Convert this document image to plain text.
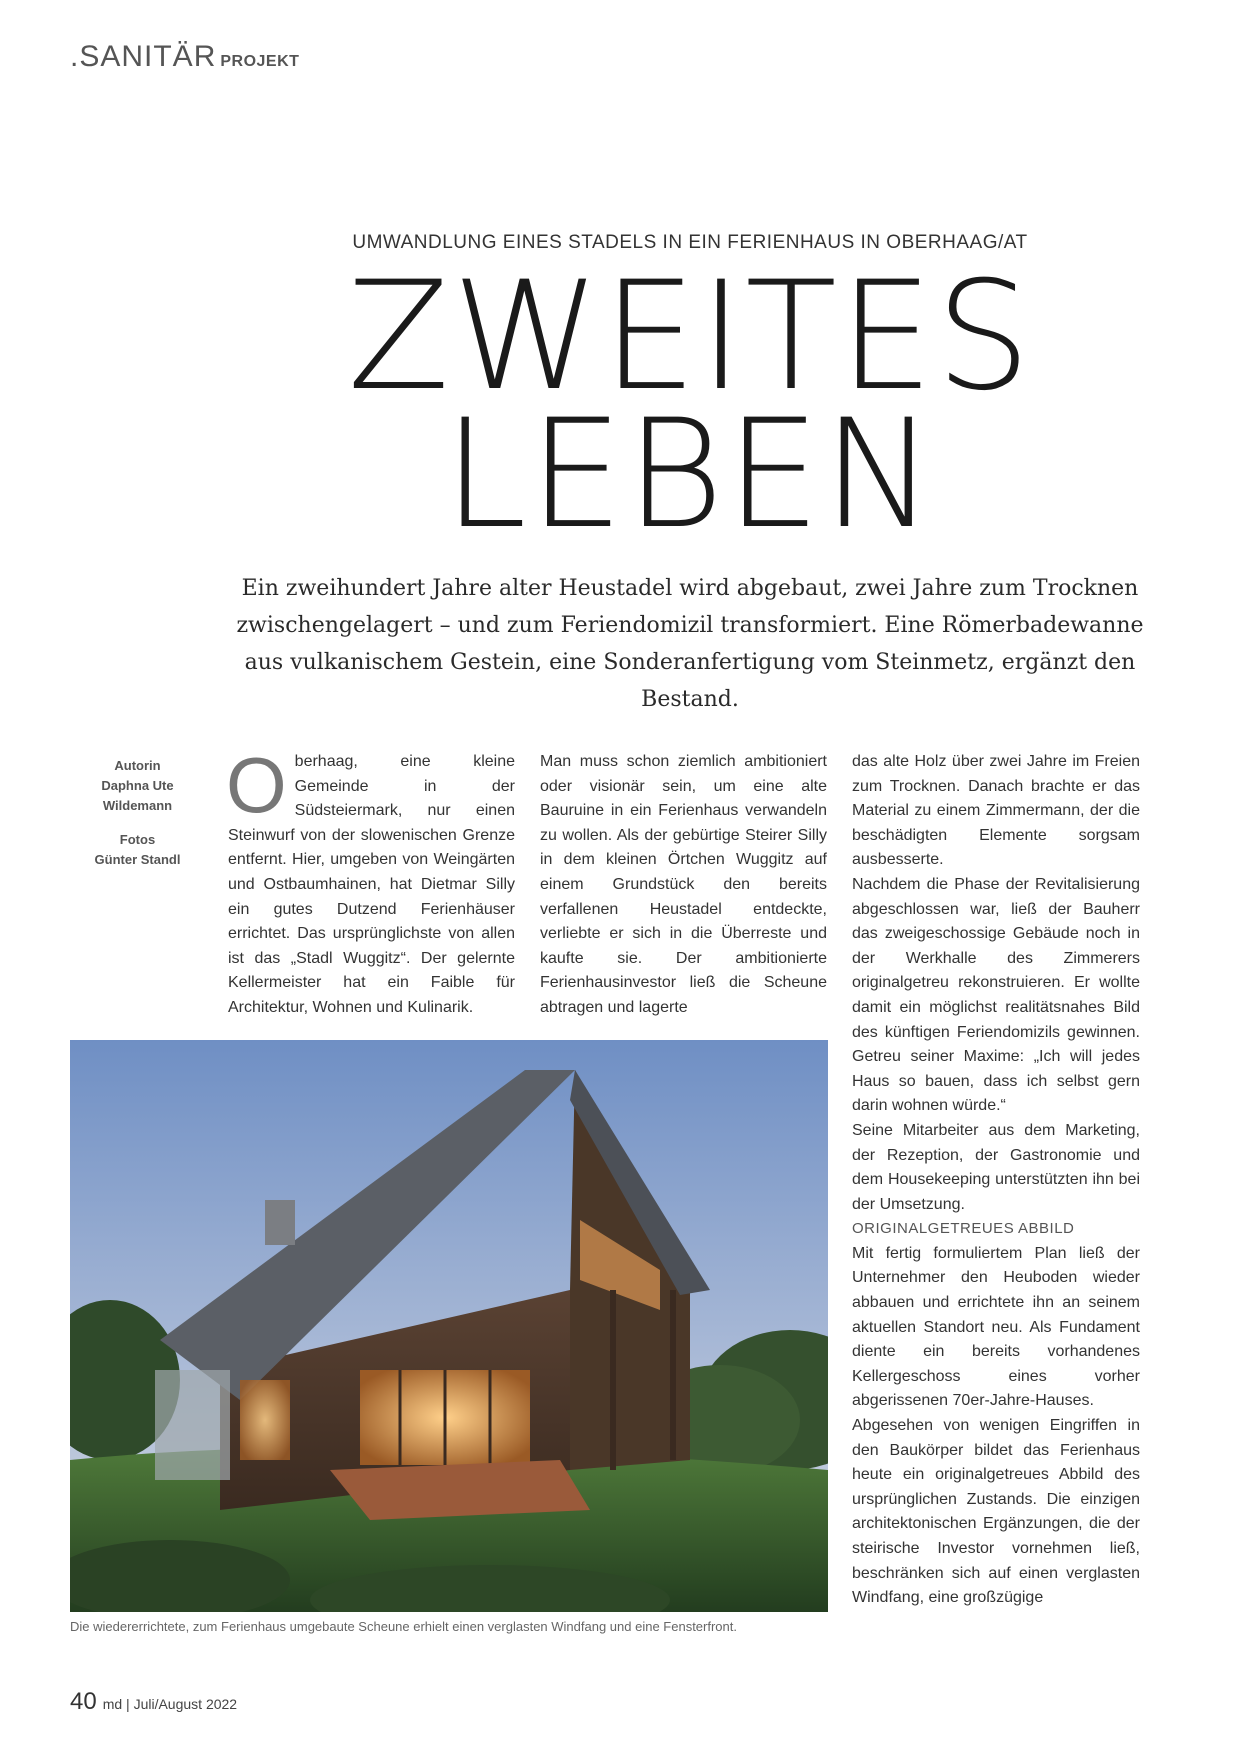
.SANITÄR PROJEKT
UMWANDLUNG EINES STADELS IN EIN FERIENHAUS IN OBERHAAG/AT
ZWEITES
LEBEN
Ein zweihundert Jahre alter Heustadel wird abgebaut, zwei Jahre zum Trocknen zwischengelagert – und zum Feriendomizil transformiert. Eine Römerbadewanne aus vulkanischem Gestein, eine Sonderanfertigung vom Steinmetz, ergänzt den Bestand.
Autorin
Daphna Ute Wildemann
Fotos
Günter Standl
O berhaag, eine kleine Gemeinde in der Südsteiermark, nur einen Steinwurf von der slowenischen Grenze entfernt. Hier, umgeben von Weingärten und Ostbaumhainen, hat Dietmar Silly ein gutes Dutzend Ferienhäuser errichtet. Das ursprünglichste von allen ist das „Stadl Wuggitz“. Der gelernte Kellermeister hat ein Faible für Architektur, Wohnen und Kulinarik.

Man muss schon ziemlich ambitioniert oder visionär sein, um eine alte Bauruine in ein Ferienhaus verwandeln zu wollen. Als der gebürtige Steirer Silly in dem kleinen Örtchen Wuggitz auf einem Grundstück den bereits verfallenen Heustadel entdeckte, verliebte er sich in die Überreste und kaufte sie. Der ambitionierte Ferienhausinvestor ließ die Scheune abtragen und lagerte

das alte Holz über zwei Jahre im Freien zum Trocknen. Danach brachte er das Material zu einem Zimmermann, der die beschädigten Elemente sorgsam ausbesserte.

Nachdem die Phase der Revitalisierung abgeschlossen war, ließ der Bauherr das zweigeschossige Gebäude noch in der Werkhalle des Zimmerers originalgetreu rekonstruieren. Er wollte damit ein möglichst realitätsnahes Bild des künftigen Feriendomizils gewinnen. Getreu seiner Maxime: „Ich will jedes Haus so bauen, dass ich selbst gern darin wohnen würde.“

Seine Mitarbeiter aus dem Marketing, der Rezeption, der Gastronomie und dem Housekeeping unterstützten ihn bei der Umsetzung.

ORIGINALGETREUES ABBILD

Mit fertig formuliertem Plan ließ der Unternehmer den Heuboden wieder abbauen und errichtete ihn an seinem aktuellen Standort neu. Als Fundament diente ein bereits vorhandenes Kellergeschoss eines vorher abgerissenen 70er-Jahre-Hauses.

Abgesehen von wenigen Eingriffen in den Baukörper bildet das Ferienhaus heute ein originalgetreues Abbild des ursprünglichen Zustands. Die einzigen architektonischen Ergänzungen, die der steirische Investor vornehmen ließ, beschränken sich auf einen verglasten Windfang, eine großzügige

Die wiedererrichtete, zum Ferienhaus umgebaute Scheune erhielt einen verglasten Windfang und eine Fensterfront.
40 md | Juli/August 2022
